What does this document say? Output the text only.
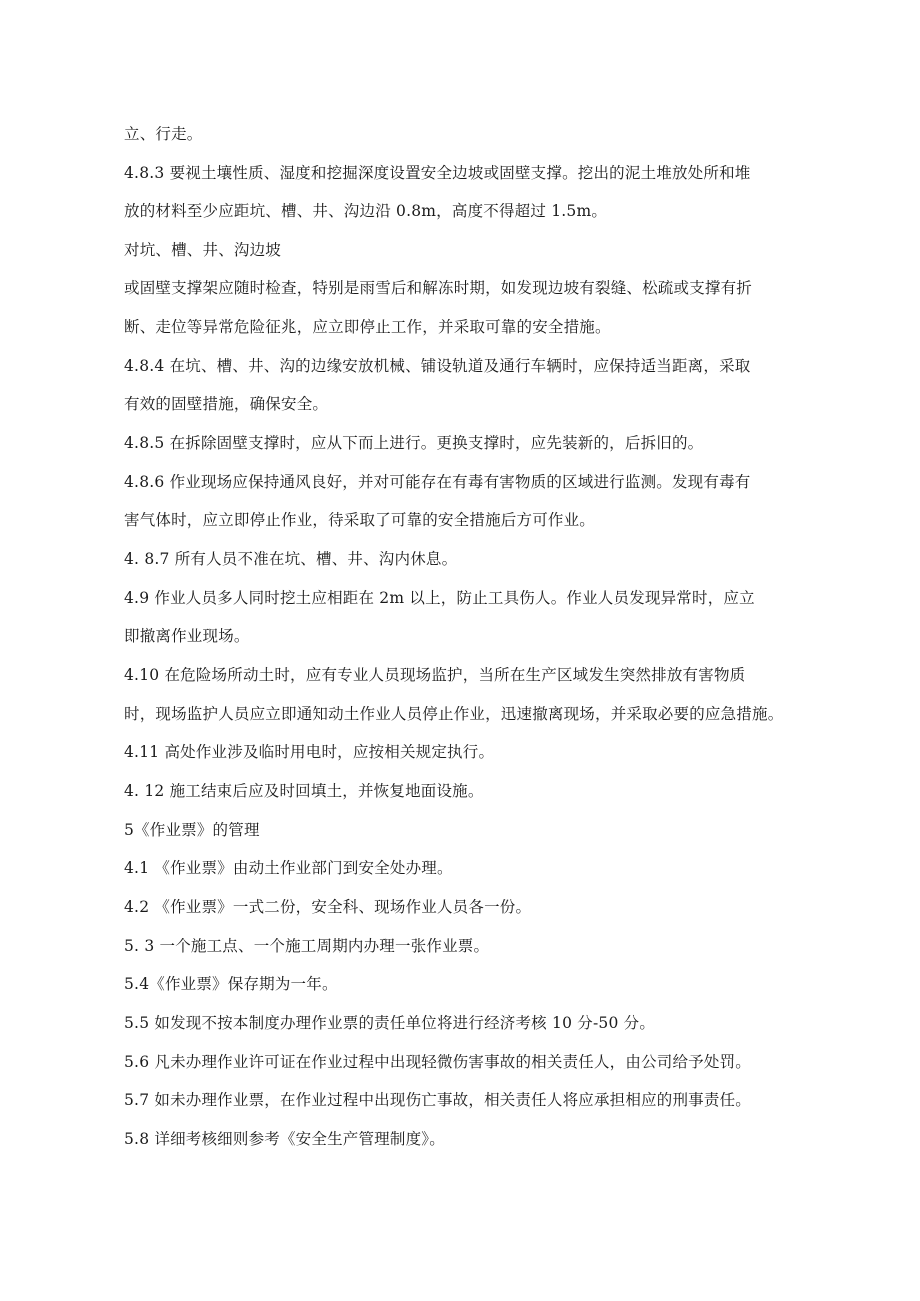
立、行走。
4.8.3 要视土壤性质、湿度和挖掘深度设置安全边坡或固壁支撑。挖出的泥土堆放处所和堆
放的材料至少应距坑、槽、井、沟边沿 0.8m，高度不得超过 1.5m。
对坑、槽、井、沟边坡
或固壁支撑架应随时检查，特别是雨雪后和解冻时期，如发现边坡有裂缝、松疏或支撑有折
断、走位等异常危险征兆，应立即停止工作，并采取可靠的安全措施。
4.8.4 在坑、槽、井、沟的边缘安放机械、铺设轨道及通行车辆时，应保持适当距离，采取
有效的固壁措施，确保安全。
4.8.5 在拆除固壁支撑时，应从下而上进行。更换支撑时，应先装新的，后拆旧的。
4.8.6 作业现场应保持通风良好，并对可能存在有毒有害物质的区域进行监测。发现有毒有
害气体时，应立即停止作业，待采取了可靠的安全措施后方可作业。
4. 8.7 所有人员不准在坑、槽、井、沟内休息。
4.9 作业人员多人同时挖土应相距在 2m 以上，防止工具伤人。作业人员发现异常时，应立
即撤离作业现场。
4.10 在危险场所动土时，应有专业人员现场监护，当所在生产区域发生突然排放有害物质
时，现场监护人员应立即通知动土作业人员停止作业，迅速撤离现场，并采取必要的应急措施。
4.11 高处作业涉及临时用电时，应按相关规定执行。
4. 12 施工结束后应及时回填土，并恢复地面设施。
5《作业票》的管理
4.1 《作业票》由动土作业部门到安全处办理。
4.2 《作业票》一式二份，安全科、现场作业人员各一份。
5. 3 一个施工点、一个施工周期内办理一张作业票。
5.4《作业票》保存期为一年。
5.5 如发现不按本制度办理作业票的责任单位将进行经济考核 10 分-50 分。
5.6 凡未办理作业许可证在作业过程中出现轻微伤害事故的相关责任人，由公司给予处罚。
5.7 如未办理作业票，在作业过程中出现伤亡事故，相关责任人将应承担相应的刑事责任。
5.8 详细考核细则参考《安全生产管理制度》。
